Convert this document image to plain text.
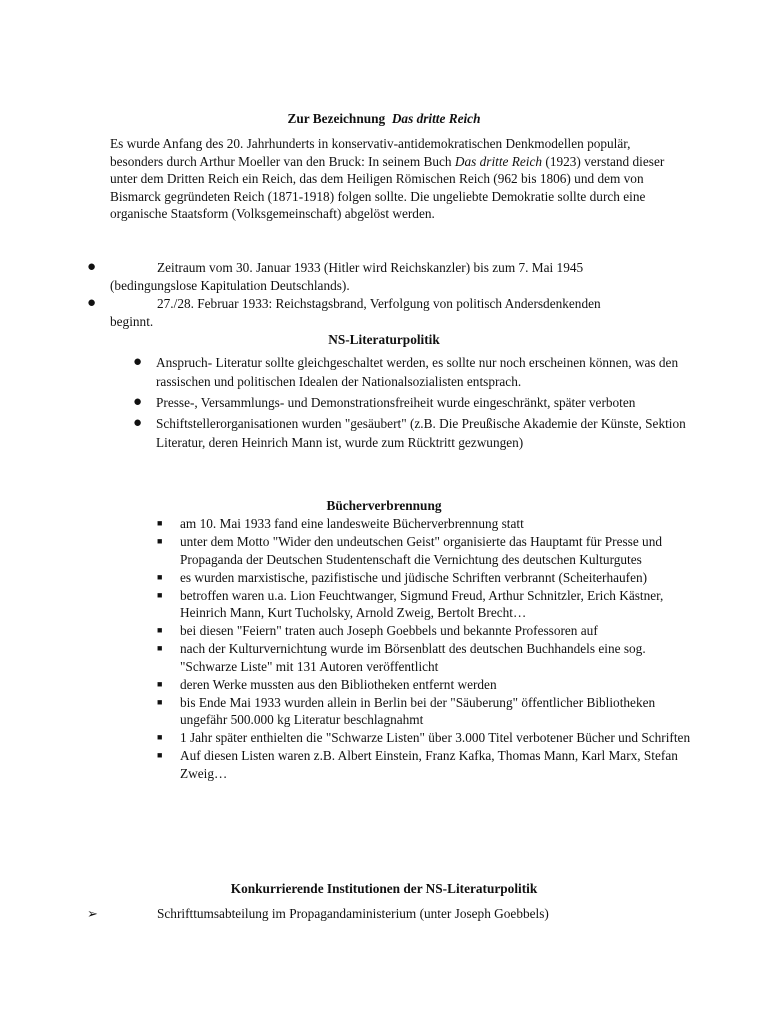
Zur Bezeichnung Das dritte Reich
Es wurde Anfang des 20. Jahrhunderts in konservativ-antidemokratischen Denkmodellen populär, besonders durch Arthur Moeller van den Bruck: In seinem Buch Das dritte Reich (1923) verstand dieser unter dem Dritten Reich ein Reich, das dem Heiligen Römischen Reich (962 bis 1806) und dem von Bismarck gegründeten Reich (1871-1918) folgen sollte. Die ungeliebte Demokratie sollte durch eine organische Staatsform (Volksgemeinschaft) abgelöst werden.
●	Zeitraum vom 30. Januar 1933 (Hitler wird Reichskanzler) bis zum 7. Mai 1945
(bedingungslose Kapitulation Deutschlands).
●	27./28. Februar 1933: Reichstagsbrand, Verfolgung von politisch Andersdenkenden
beginnt.
NS-Literaturpolitik
● Anspruch- Literatur sollte gleichgeschaltet werden, es sollte nur noch erscheinen können, was den rassischen und politischen Idealen der Nationalsozialisten entsprach.
● Presse-, Versammlungs- und Demonstrationsfreiheit wurde eingeschränkt, später verboten
● Schiftstellerorganisationen wurden "gesäubert" (z.B. Die Preußische Akademie der Künste, Sektion Literatur, deren Heinrich Mann ist, wurde zum Rücktritt gezwungen)
Bücherverbrennung
■ am 10. Mai 1933 fand eine landesweite Bücherverbrennung statt
■ unter dem Motto "Wider den undeutschen Geist" organisierte das Hauptamt für Presse und Propaganda der Deutschen Studentenschaft die Vernichtung des deutschen Kulturgutes
■ es wurden marxistische, pazifistische und jüdische Schriften verbrannt (Scheiterhaufen)
■ betroffen waren u.a. Lion Feuchtwanger, Sigmund Freud, Arthur Schnitzler, Erich Kästner, Heinrich Mann, Kurt Tucholsky, Arnold Zweig, Bertolt Brecht…
■ bei diesen "Feiern" traten auch Joseph Goebbels und bekannte Professoren auf
■ nach der Kulturvernichtung wurde im Börsenblatt des deutschen Buchhandels eine sog. "Schwarze Liste" mit 131 Autoren veröffentlicht
■ deren Werke mussten aus den Bibliotheken entfernt werden
■ bis Ende Mai 1933 wurden allein in Berlin bei der "Säuberung" öffentlicher Bibliotheken ungefähr 500.000 kg Literatur beschlagnahmt
■ 1 Jahr später enthielten die "Schwarze Listen" über 3.000 Titel verbotener Bücher und Schriften
■ Auf diesen Listen waren z.B. Albert Einstein, Franz Kafka, Thomas Mann, Karl Marx, Stefan Zweig…
Konkurrierende Institutionen der NS-Literaturpolitik
➢	Schrifttumsabteilung im Propagandaministerium (unter Joseph Goebbels)
